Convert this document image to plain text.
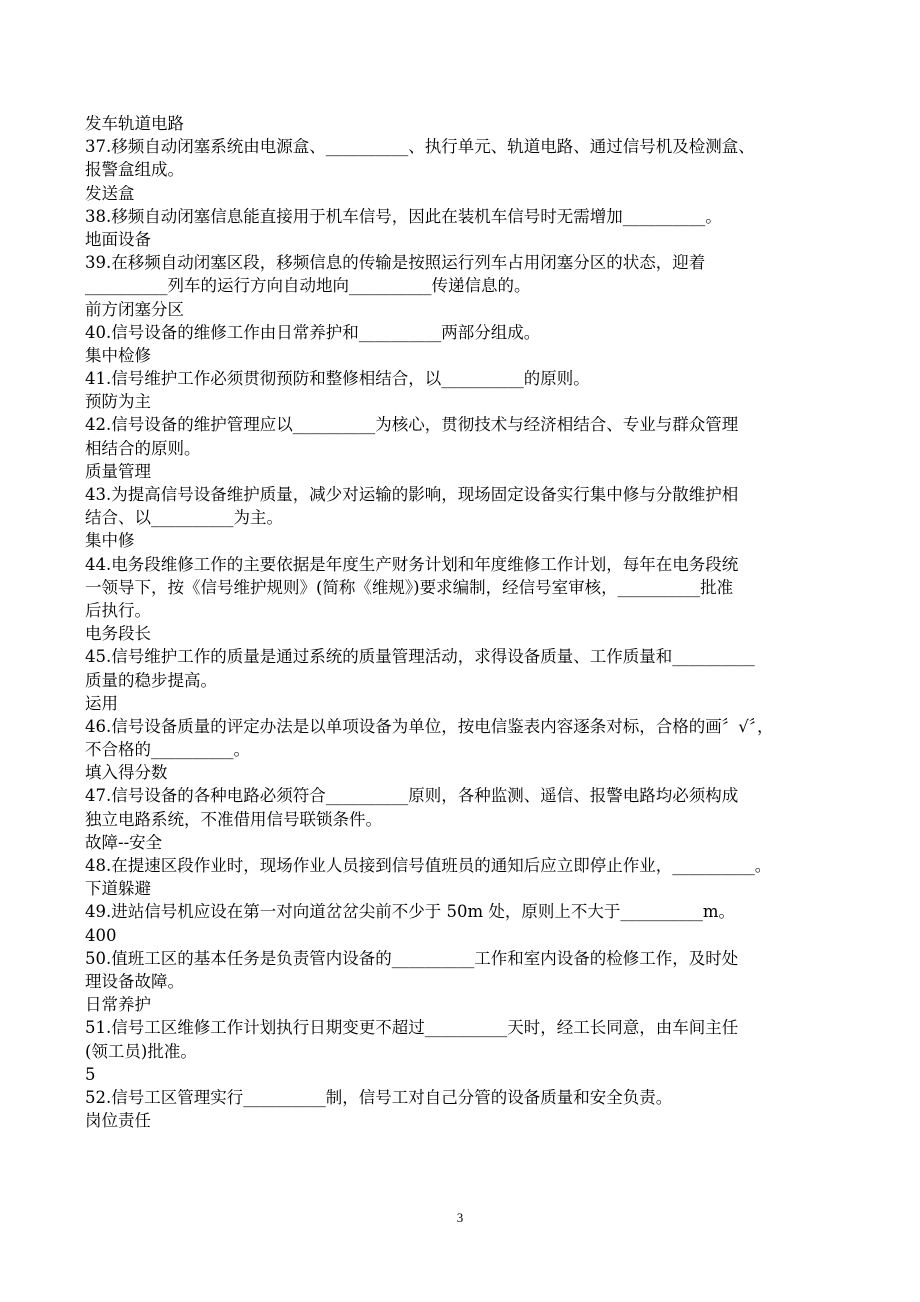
发车轨道电路
37.移频自动闭塞系统由电源盒、__________、执行单元、轨道电路、通过信号机及检测盒、
报警盒组成。
发送盒
38.移频自动闭塞信息能直接用于机车信号，因此在装机车信号时无需增加__________。
地面设备
39.在移频自动闭塞区段，移频信息的传输是按照运行列车占用闭塞分区的状态，迎着
__________列车的运行方向自动地向__________传递信息的。
前方闭塞分区
40.信号设备的维修工作由日常养护和__________两部分组成。
集中检修
41.信号维护工作必须贯彻预防和整修相结合，以__________的原则。
预防为主
42.信号设备的维护管理应以__________为核心，贯彻技术与经济相结合、专业与群众管理
相结合的原则。
质量管理
43.为提高信号设备维护质量，减少对运输的影响，现场固定设备实行集中修与分散维护相
结合、以__________为主。
集中修
44.电务段维修工作的主要依据是年度生产财务计划和年度维修工作计划，每年在电务段统
一领导下，按《信号维护规则》(简称《维规》)要求编制，经信号室审核，__________批准
后执行。
电务段长
45.信号维护工作的质量是通过系统的质量管理活动，求得设备质量、工作质量和__________
质量的稳步提高。
运用
46.信号设备质量的评定办法是以单项设备为单位，按电信鉴表内容逐条对标，合格的画〞√〞，
不合格的__________。
填入得分数
47.信号设备的各种电路必须符合__________原则，各种监测、遥信、报警电路均必须构成
独立电路系统，不准借用信号联锁条件。
故障--安全
48.在提速区段作业时，现场作业人员接到信号值班员的通知后应立即停止作业，__________。
下道躲避
49.进站信号机应设在第一对向道岔岔尖前不少于 50m 处，原则上不大于__________m。
400
50.值班工区的基本任务是负责管内设备的__________工作和室内设备的检修工作，及时处
理设备故障。
日常养护
51.信号工区维修工作计划执行日期变更不超过__________天时，经工长同意，由车间主任
(领工员)批准。
5
52.信号工区管理实行__________制，信号工对自己分管的设备质量和安全负责。
岗位责任
3
